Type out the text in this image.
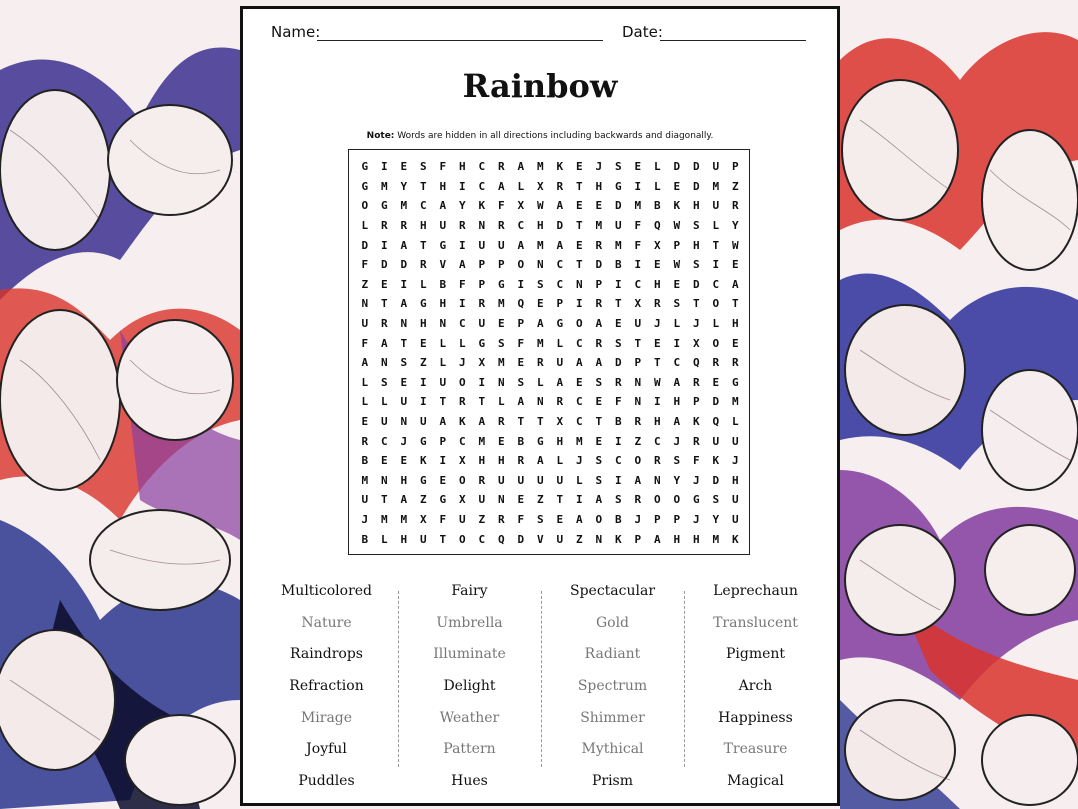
Name:	Date:
Rainbow
Note: Words are hidden in all directions including backwards and diagonally.
G	I	E	S	F	H	C	R	A	M	K	E	J	S	E	L	D	D	U	P
G	M	Y	T	H	I	C	A	L	X	R	T	H	G	I	L	E	D	M	Z
O	G	M	C	A	Y	K	F	X	W	A	E	E	D	M	B	K	H	U	R
L	R	R	H	U	R	N	R	C	H	D	T	M	U	F	Q	W	S	L	Y
D	I	A	T	G	I	U	U	A	M	A	E	R	M	F	X	P	H	T	W
F	D	D	R	V	A	P	P	O	N	C	T	D	B	I	E	W	S	I	E
Z	E	I	L	B	F	P	G	I	S	C	N	P	I	C	H	E	D	C	A
N	T	A	G	H	I	R	M	Q	E	P	I	R	T	X	R	S	T	O	T
U	R	N	H	N	C	U	E	P	A	G	O	A	E	U	J	L	J	L	H
F	A	T	E	L	L	G	S	F	M	L	C	R	S	T	E	I	X	O	E
A	N	S	Z	L	J	X	M	E	R	U	A	A	D	P	T	C	Q	R	R
L	S	E	I	U	O	I	N	S	L	A	E	S	R	N	W	A	R	E	G
L	L	U	I	T	R	T	L	A	N	R	C	E	F	N	I	H	P	D	M
E	U	N	U	A	K	A	R	T	T	X	C	T	B	R	H	A	K	Q	L
R	C	J	G	P	C	M	E	B	G	H	M	E	I	Z	C	J	R	U	U
B	E	E	K	I	X	H	H	R	A	L	J	S	C	O	R	S	F	K	J
M	N	H	G	E	O	R	U	U	U	U	L	S	I	A	N	Y	J	D	H
U	T	A	Z	G	X	U	N	E	Z	T	I	A	S	R	O	O	G	S	U
J	M	M	X	F	U	Z	R	F	S	E	A	O	B	J	P	P	J	Y	U
B	L	H	U	T	O	C	Q	D	V	U	Z	N	K	P	A	H	H	M	K
Multicolored
Nature
Raindrops
Refraction
Mirage
Joyful
Puddles
Fairy
Umbrella
Illuminate
Delight
Weather
Pattern
Hues
Spectacular
Gold
Radiant
Spectrum
Shimmer
Mythical
Prism
Leprechaun
Translucent
Pigment
Arch
Happiness
Treasure
Magical
